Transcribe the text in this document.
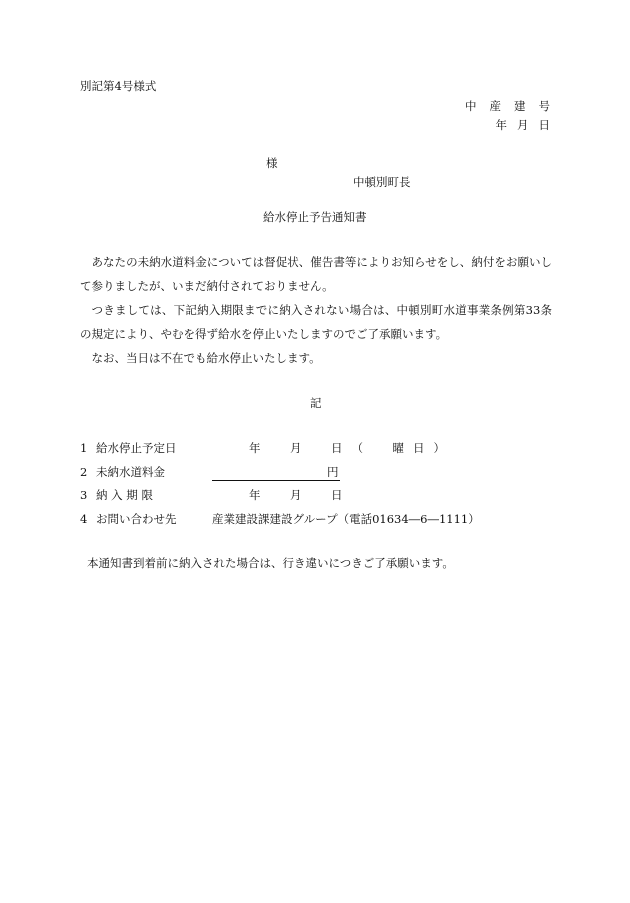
別記第4号様式
中産建号
年月日
様
中頓別町長
給水停止予告通知書
あなたの未納水道料金については督促状、催告書等によりお知らせをし、納付をお願いして参りましたが、いまだ納付されておりません。
つきましては、下記納入期限までに納入されない場合は、中頓別町水道事業条例第33条の規定により、やむを得ず給水を停止いたしますのでご了承願います。
なお、当日は不在でも給水停止いたします。
記
1 給水停止予定日	年　月　日（　曜日）
2 未納水道料金	円
3 納 入 期 限	年　月　日
4 お問い合わせ先	産業建設課建設グループ（電話01634―6―1111）
本通知書到着前に納入された場合は、行き違いにつきご了承願います。
